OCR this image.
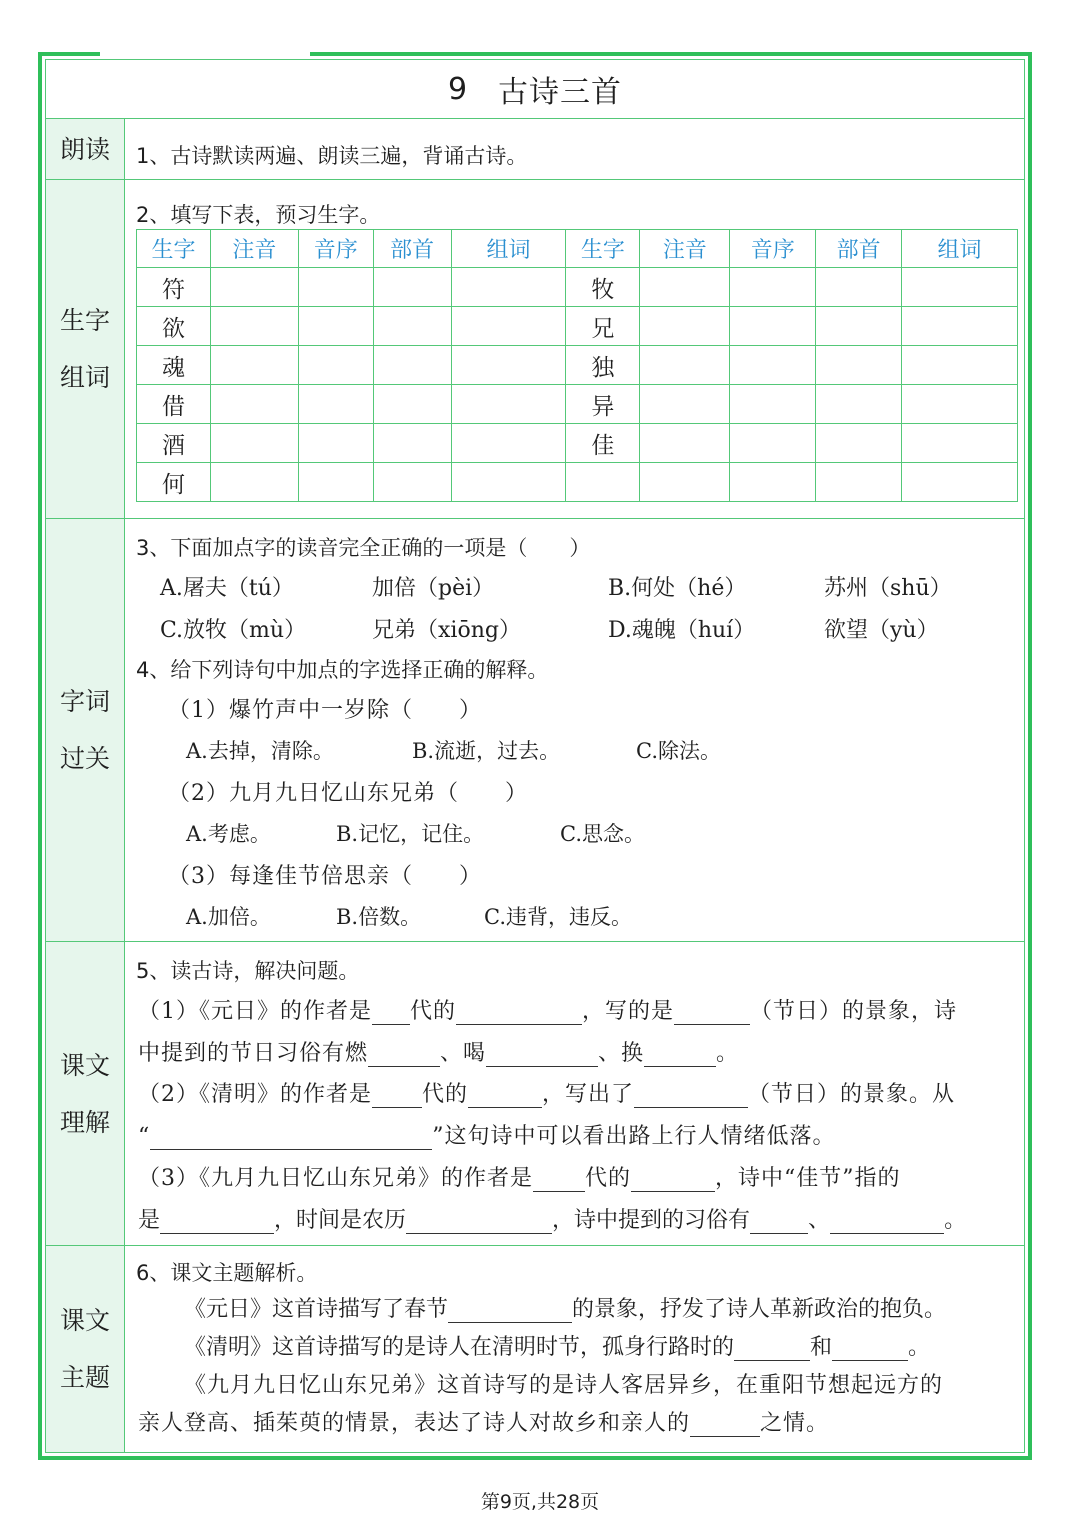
9 古诗三首
朗读
生字
组词
字词
过关
课文
理解
课文
主题
1、古诗默读两遍、朗读三遍，背诵古诗。
2、填写下表，预习生字。
生字	注音	音序	部首	组词	生字	注音	音序	部首	组词
符					牧				
欲					兄				
魂					独				
借					异				
酒					佳				
何									
3、下面加点字的读音完全正确的一项是（　　）
A.屠夫（tú）	加倍（pèi）	B.何处（hé）	苏州（shū）
C.放牧（mù）	兄弟（xiōng）	D.魂魄（huí）	欲望（yù）
4、给下列诗句中加点的字选择正确的解释。
（1）爆竹声中一岁除（　　）
A.去掉，清除。	B.流逝，过去。	C.除法。
（2）九月九日忆山东兄弟（　　）
A.考虑。	B.记忆，记住。	C.思念。
（3）每逢佳节倍思亲（　　）
A.加倍。	B.倍数。	C.违背，违反。
5、读古诗，解决问题。
（1）《元日》的作者是 代的	，写的是	（节日）的景象，诗
中提到的节日习俗有燃	、喝	、换	。
（2）《清明》的作者是 代的	，写出了	（节日）的景象。从
“	”这句诗中可以看出路上行人情绪低落。
（3）《九月九日忆山东兄弟》的作者是 代的	，诗中“佳节”指的
是	，时间是农历	，诗中提到的习俗有	、	。
6、课文主题解析。
《元日》这首诗描写了春节	的景象，抒发了诗人革新政治的抱负。
《清明》这首诗描写的是诗人在清明时节，孤身行路时的	和	。
《九月九日忆山东兄弟》这首诗写的是诗人客居异乡，在重阳节想起远方的
亲人登高、插茱萸的情景，表达了诗人对故乡和亲人的	之情。
第9页,共28页
